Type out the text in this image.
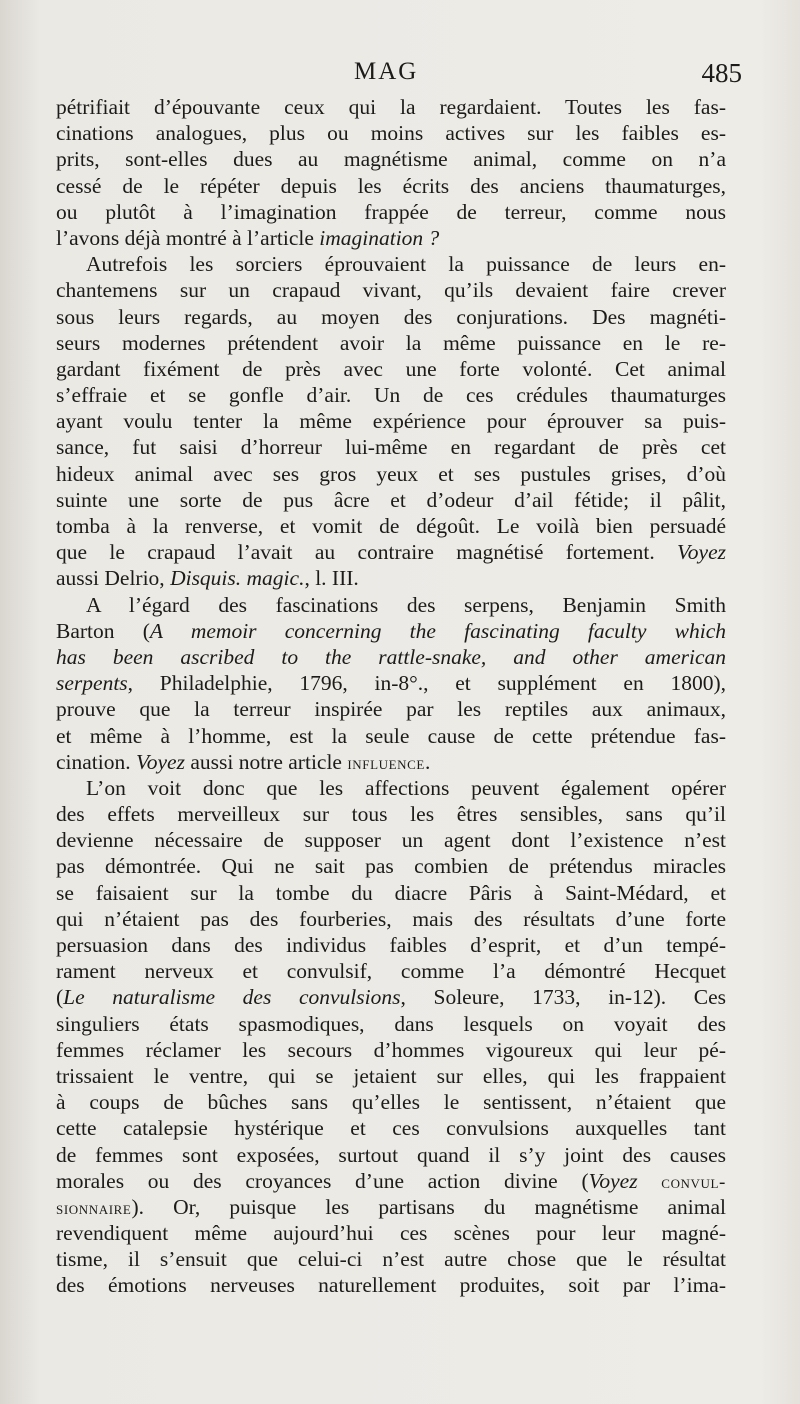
MAG	485
pétrifiait d’épouvante ceux qui la regardaient. Toutes les fas-
cinations analogues, plus ou moins actives sur les faibles es-
prits, sont-elles dues au magnétisme animal, comme on n’a
cessé de le répéter depuis les écrits des anciens thaumaturges,
ou plutôt à l’imagination frappée de terreur, comme nous
l’avons déjà montré à l’article imagination ?
Autrefois les sorciers éprouvaient la puissance de leurs en-
chantemens sur un crapaud vivant, qu’ils devaient faire crever
sous leurs regards, au moyen des conjurations. Des magnéti-
seurs modernes prétendent avoir la même puissance en le re-
gardant fixément de près avec une forte volonté. Cet animal
s’effraie et se gonfle d’air. Un de ces crédules thaumaturges
ayant voulu tenter la même expérience pour éprouver sa puis-
sance, fut saisi d’horreur lui-même en regardant de près cet
hideux animal avec ses gros yeux et ses pustules grises, d’où
suinte une sorte de pus âcre et d’odeur d’ail fétide; il pâlit,
tomba à la renverse, et vomit de dégoût. Le voilà bien persuadé
que le crapaud l’avait au contraire magnétisé fortement. Voyez
aussi Delrio, Disquis. magic., l. III.
A l’égard des fascinations des serpens, Benjamin Smith
Barton (A memoir concerning the fascinating faculty which
has been ascribed to the rattle-snake, and other american
serpents, Philadelphie, 1796, in-8°., et supplément en 1800),
prouve que la terreur inspirée par les reptiles aux animaux,
et même à l’homme, est la seule cause de cette prétendue fas-
cination. Voyez aussi notre article influence.
L’on voit donc que les affections peuvent également opérer
des effets merveilleux sur tous les êtres sensibles, sans qu’il
devienne nécessaire de supposer un agent dont l’existence n’est
pas démontrée. Qui ne sait pas combien de prétendus miracles
se faisaient sur la tombe du diacre Pâris à Saint-Médard, et
qui n’étaient pas des fourberies, mais des résultats d’une forte
persuasion dans des individus faibles d’esprit, et d’un tempé-
rament nerveux et convulsif, comme l’a démontré Hecquet
(Le naturalisme des convulsions, Soleure, 1733, in-12). Ces
singuliers états spasmodiques, dans lesquels on voyait des
femmes réclamer les secours d’hommes vigoureux qui leur pé-
trissaient le ventre, qui se jetaient sur elles, qui les frappaient
à coups de bûches sans qu’elles le sentissent, n’étaient que
cette catalepsie hystérique et ces convulsions auxquelles tant
de femmes sont exposées, surtout quand il s’y joint des causes
morales ou des croyances d’une action divine (Voyez convul-
sionnaire). Or, puisque les partisans du magnétisme animal
revendiquent même aujourd’hui ces scènes pour leur magné-
tisme, il s’ensuit que celui-ci n’est autre chose que le résultat
des émotions nerveuses naturellement produites, soit par l’ima-
